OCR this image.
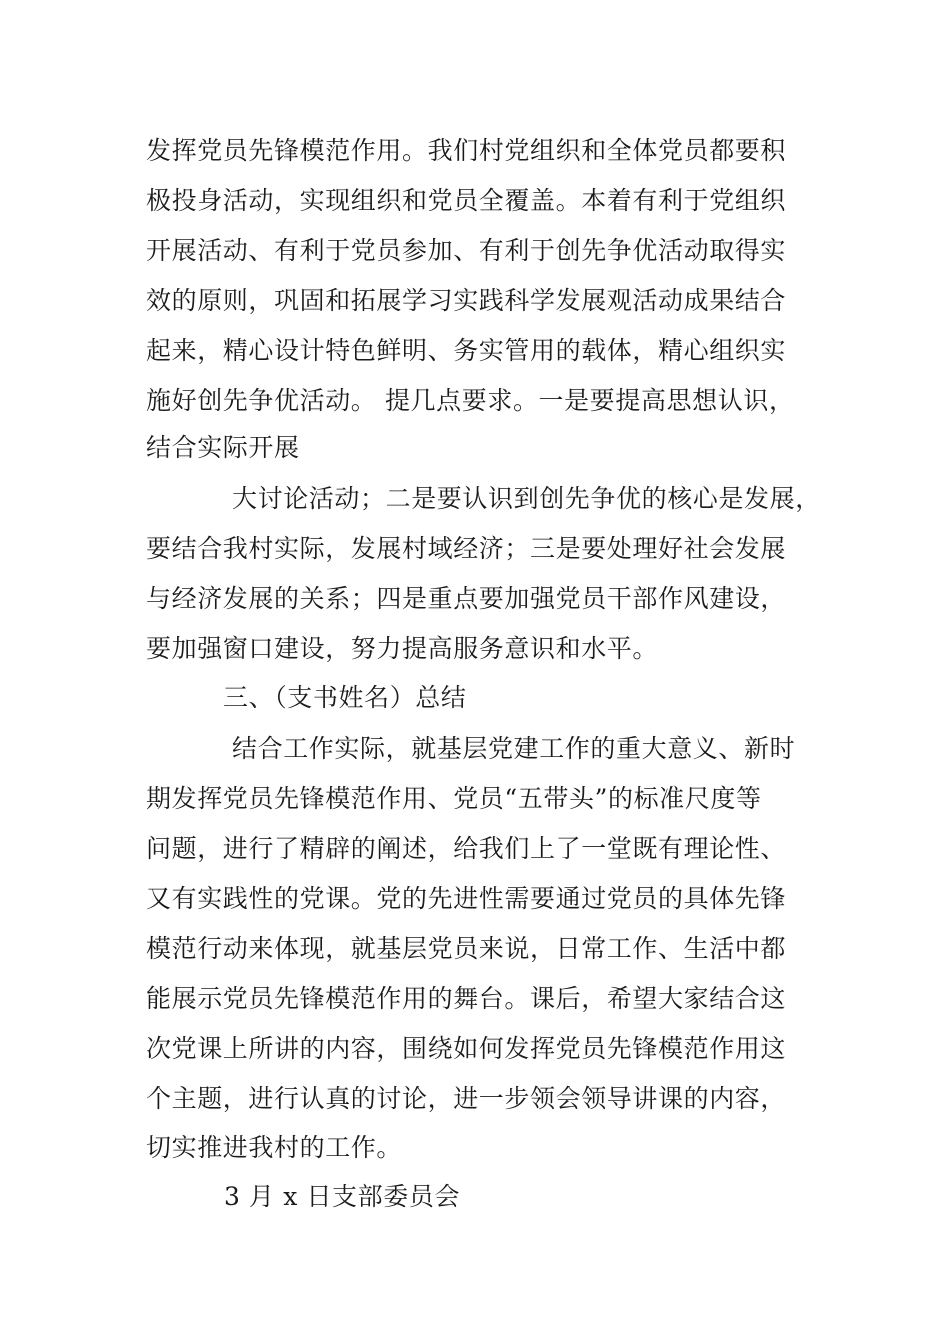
发挥党员先锋模范作用。我们村党组织和全体党员都要积
极投身活动，实现组织和党员全覆盖。本着有利于党组织
开展活动、有利于党员参加、有利于创先争优活动取得实
效的原则，巩固和拓展学习实践科学发展观活动成果结合
起来，精心设计特色鲜明、务实管用的载体，精心组织实
施好创先争优活动。 提几点要求。一是要提高思想认识，
结合实际开展
大讨论活动；二是要认识到创先争优的核心是发展，
要结合我村实际，发展村域经济；三是要处理好社会发展
与经济发展的关系；四是重点要加强党员干部作风建设，
要加强窗口建设，努力提高服务意识和水平。
三、（支书姓名）总结
结合工作实际，就基层党建工作的重大意义、新时
期发挥党员先锋模范作用、党员“五带头”的标准尺度等
问题，进行了精辟的阐述，给我们上了一堂既有理论性、
又有实践性的党课。党的先进性需要通过党员的具体先锋
模范行动来体现，就基层党员来说，日常工作、生活中都
能展示党员先锋模范作用的舞台。课后，希望大家结合这
次党课上所讲的内容，围绕如何发挥党员先锋模范作用这
个主题，进行认真的讨论，进一步领会领导讲课的内容，
切实推进我村的工作。
3 月 x 日支部委员会
